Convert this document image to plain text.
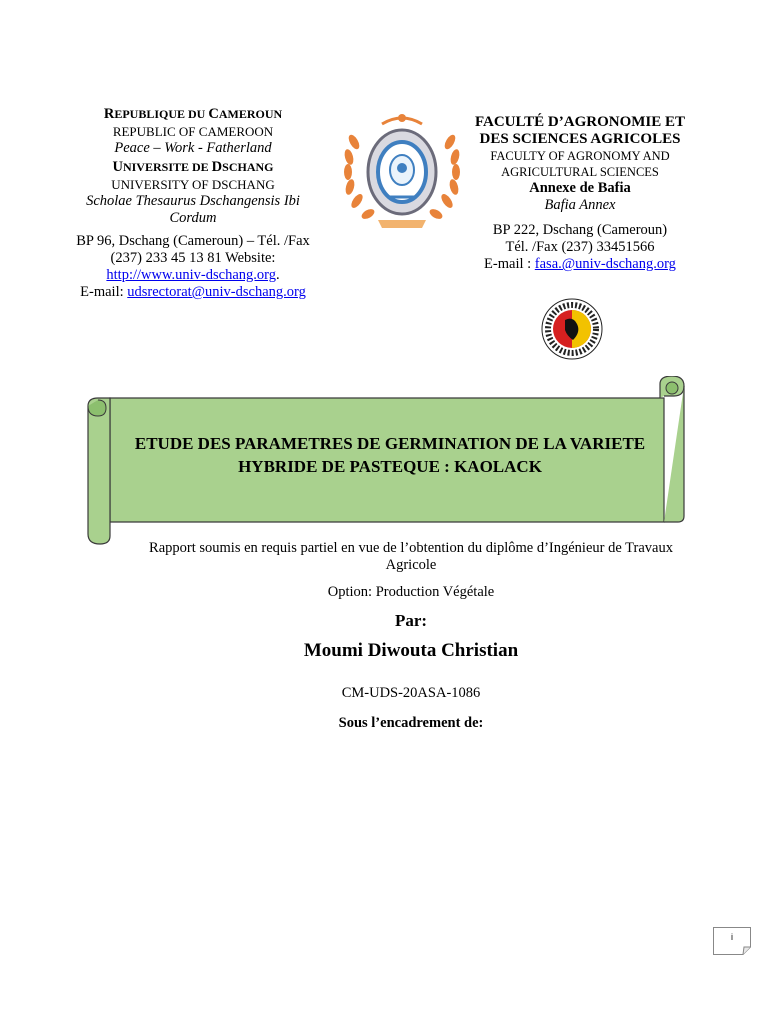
REPUBLIQUE DU CAMEROUN
REPUBLIC OF CAMEROON
Peace – Work - Fatherland
UNIVERSITE DE DSCHANG
UNIVERSITY OF DSCHANG
Scholae Thesaurus Dschangensis Ibi Cordum
BP 96, Dschang (Cameroun) – Tél. /Fax (237) 233 45 13 81 Website:
http://www.univ-dschang.org.
E-mail: udsrectorat@univ-dschang.org
FACULTÉ D’AGRONOMIE ET DES SCIENCES AGRICOLES
FACULTY OF AGRONOMY AND AGRICULTURAL SCIENCES
Annexe de Bafia
Bafia Annex
BP 222, Dschang (Cameroun)
Tél. /Fax (237) 33451566
E-mail : fasa.@univ-dschang.org
ETUDE DES PARAMETRES DE GERMINATION DE LA VARIETE HYBRIDE DE PASTEQUE : KAOLACK
Rapport soumis en requis partiel en vue de l’obtention du diplôme d’Ingénieur de Travaux Agricole
Option: Production Végétale
Par:
Moumi Diwouta Christian
CM-UDS-20ASA-1086
Sous l’encadrement de:
i
